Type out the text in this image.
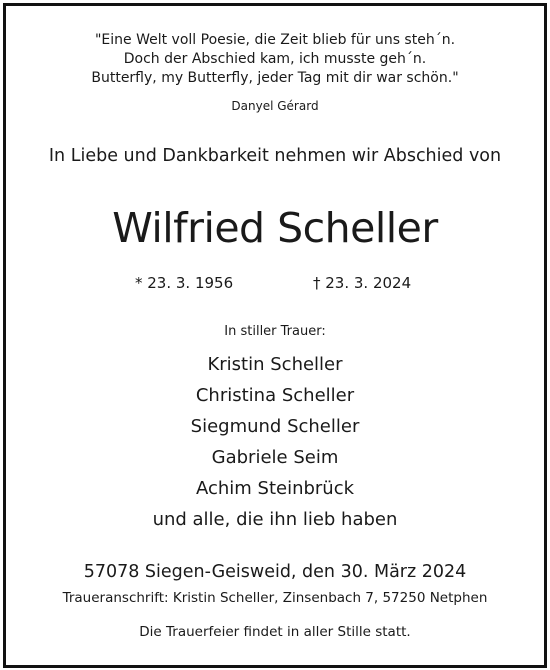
"Eine Welt voll Poesie, die Zeit blieb für uns steh´n.
Doch der Abschied kam, ich musste geh´n.
Butterfly, my Butterfly, jeder Tag mit dir war schön."
Danyel Gérard
In Liebe und Dankbarkeit nehmen wir Abschied von
Wilfried Scheller
* 23. 3. 1956	† 23. 3. 2024
In stiller Trauer:
Kristin Scheller
Christina Scheller
Siegmund Scheller
Gabriele Seim
Achim Steinbrück
und alle, die ihn lieb haben
57078 Siegen-Geisweid, den 30. März 2024
Traueranschrift: Kristin Scheller, Zinsenbach 7, 57250 Netphen
Die Trauerfeier findet in aller Stille statt.
